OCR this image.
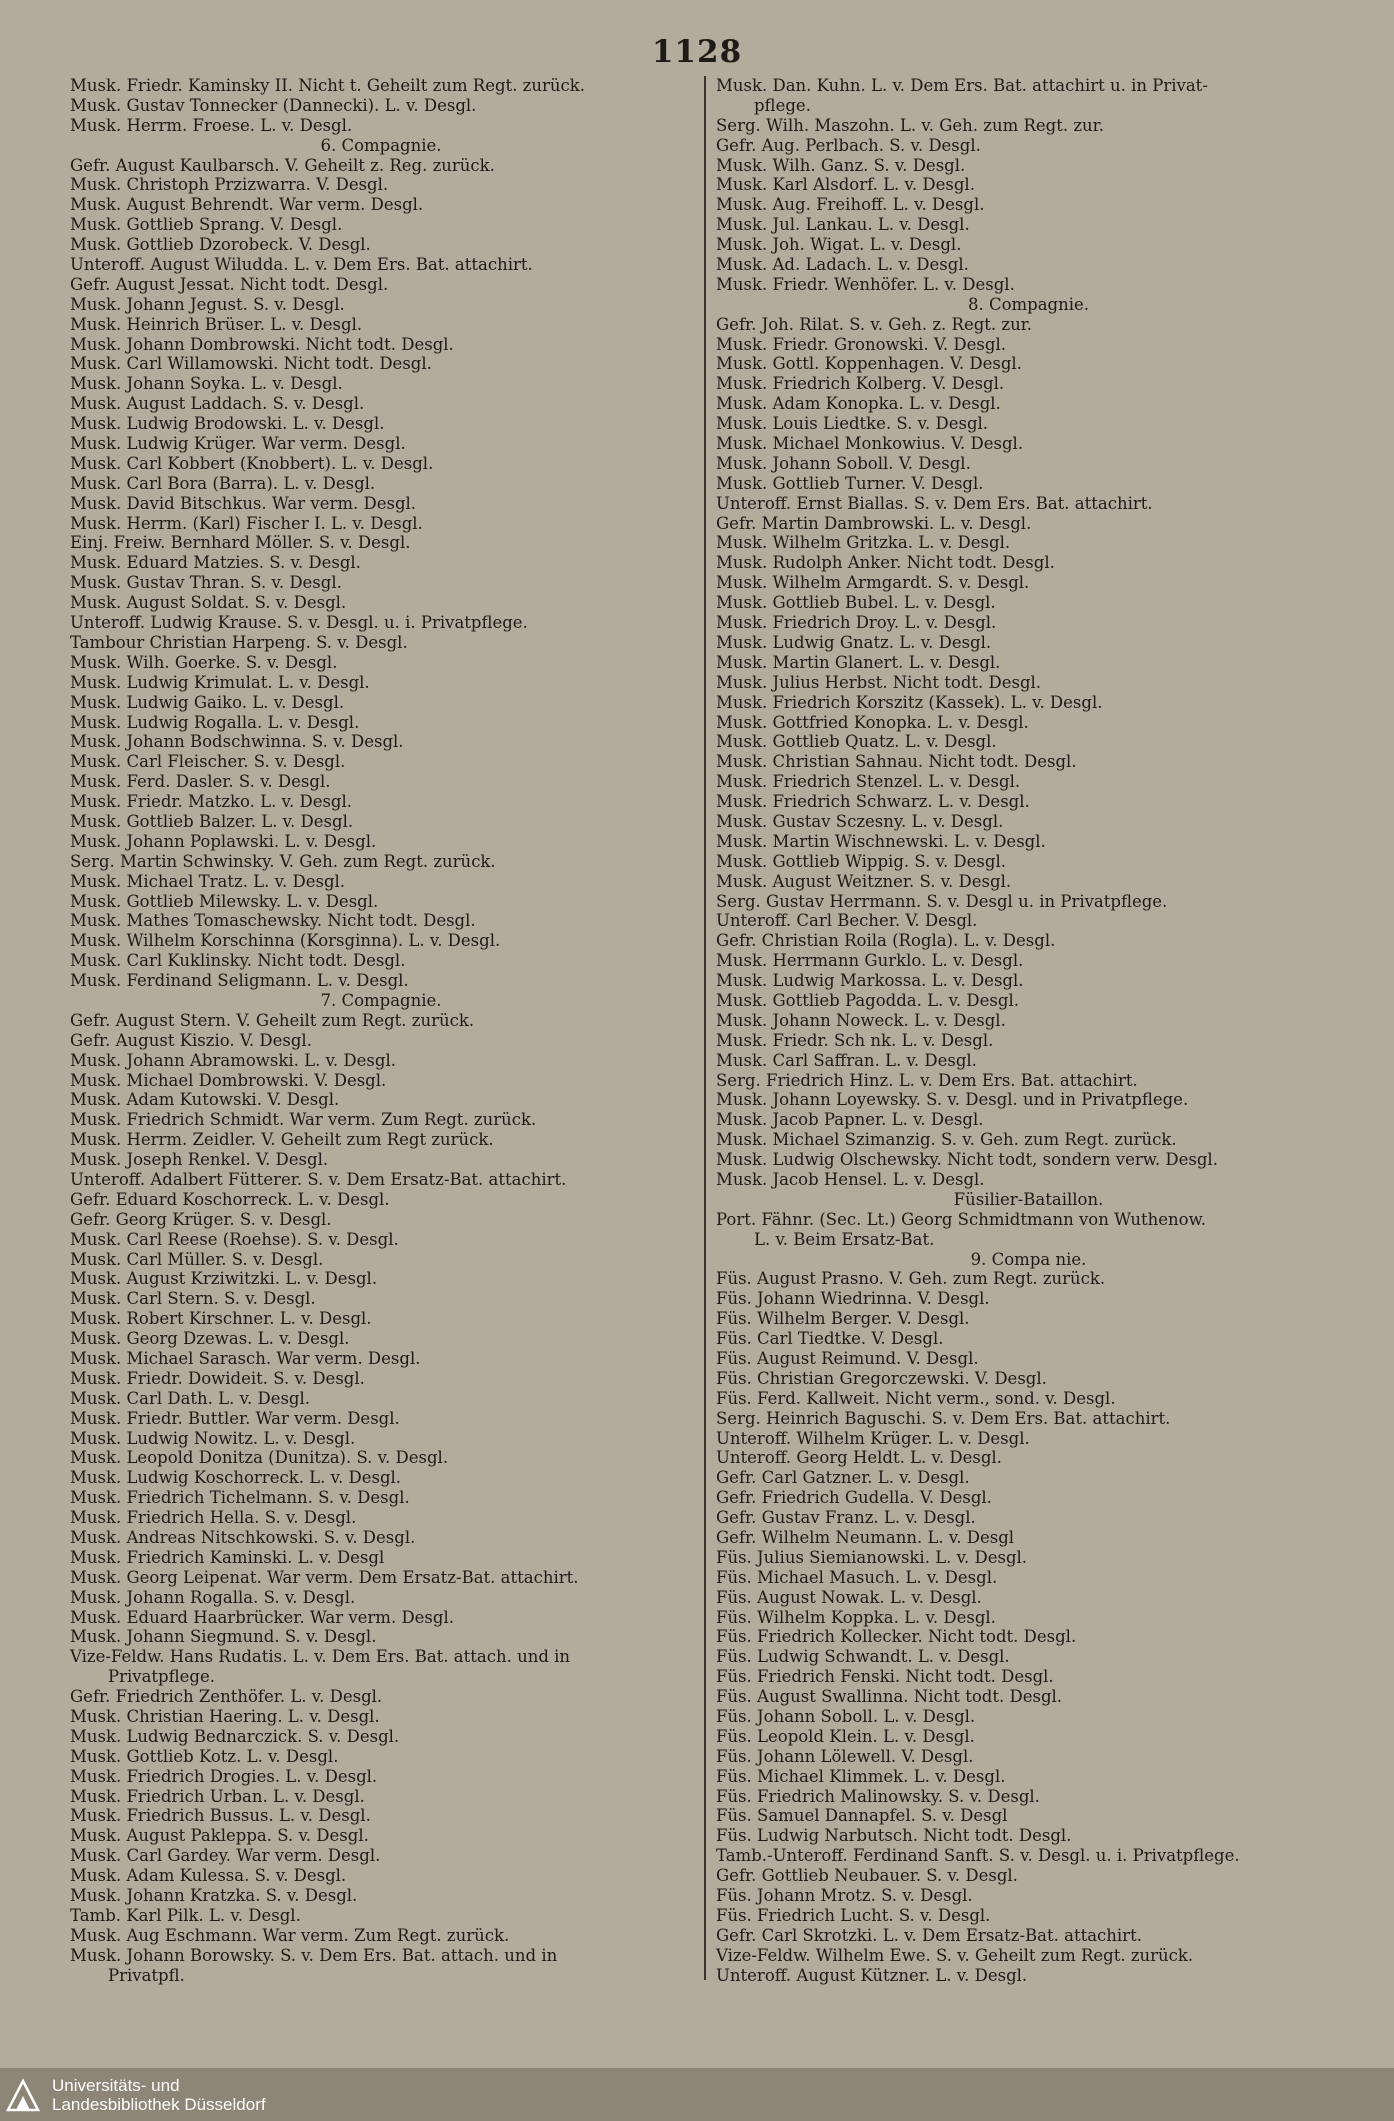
1128
Musk. Friedr. Kaminsky II. Nicht t. Geheilt zum Regt. zurück.
Musk. Gustav Tonnecker (Dannecki). L. v. Desgl.
Musk. Herrm. Froese. L. v. Desgl.
6. Compagnie.
Gefr. August Kaulbarsch. V. Geheilt z. Reg. zurück.
Musk. Christoph Przizwarra. V. Desgl.
Musk. August Behrendt. War verm. Desgl.
Musk. Gottlieb Sprang. V. Desgl.
Musk. Gottlieb Dzorobeck. V. Desgl.
Unteroff. August Wiludda. L. v. Dem Ers. Bat. attachirt.
Gefr. August Jessat. Nicht todt. Desgl.
Musk. Johann Jegust. S. v. Desgl.
Musk. Heinrich Brüser. L. v. Desgl.
Musk. Johann Dombrowski. Nicht todt. Desgl.
Musk. Carl Willamowski. Nicht todt. Desgl.
Musk. Johann Soyka. L. v. Desgl.
Musk. August Laddach. S. v. Desgl.
Musk. Ludwig Brodowski. L. v. Desgl.
Musk. Ludwig Krüger. War verm. Desgl.
Musk. Carl Kobbert (Knobbert). L. v. Desgl.
Musk. Carl Bora (Barra). L. v. Desgl.
Musk. David Bitschkus. War verm. Desgl.
Musk. Herrm. (Karl) Fischer I. L. v. Desgl.
Einj. Freiw. Bernhard Möller. S. v. Desgl.
Musk. Eduard Matzies. S. v. Desgl.
Musk. Gustav Thran. S. v. Desgl.
Musk. August Soldat. S. v. Desgl.
Unteroff. Ludwig Krause. S. v. Desgl. u. i. Privatpflege.
Tambour Christian Harpeng. S. v. Desgl.
Musk. Wilh. Goerke. S. v. Desgl.
Musk. Ludwig Krimulat. L. v. Desgl.
Musk. Ludwig Gaiko. L. v. Desgl.
Musk. Ludwig Rogalla. L. v. Desgl.
Musk. Johann Bodschwinna. S. v. Desgl.
Musk. Carl Fleischer. S. v. Desgl.
Musk. Ferd. Dasler. S. v. Desgl.
Musk. Friedr. Matzko. L. v. Desgl.
Musk. Gottlieb Balzer. L. v. Desgl.
Musk. Johann Poplawski. L. v. Desgl.
Serg. Martin Schwinsky. V. Geh. zum Regt. zurück.
Musk. Michael Tratz. L. v. Desgl.
Musk. Gottlieb Milewsky. L. v. Desgl.
Musk. Mathes Tomaschewsky. Nicht todt. Desgl.
Musk. Wilhelm Korschinna (Korsginna). L. v. Desgl.
Musk. Carl Kuklinsky. Nicht todt. Desgl.
Musk. Ferdinand Seligmann. L. v. Desgl.
7. Compagnie.
Gefr. August Stern. V. Geheilt zum Regt. zurück.
Gefr. August Kiszio. V. Desgl.
Musk. Johann Abramowski. L. v. Desgl.
Musk. Michael Dombrowski. V. Desgl.
Musk. Adam Kutowski. V. Desgl.
Musk. Friedrich Schmidt. War verm. Zum Regt. zurück.
Musk. Herrm. Zeidler. V. Geheilt zum Regt zurück.
Musk. Joseph Renkel. V. Desgl.
Unteroff. Adalbert Fütterer. S. v. Dem Ersatz-Bat. attachirt.
Gefr. Eduard Koschorreck. L. v. Desgl.
Gefr. Georg Krüger. S. v. Desgl.
Musk. Carl Reese (Roehse). S. v. Desgl.
Musk. Carl Müller. S. v. Desgl.
Musk. August Krziwitzki. L. v. Desgl.
Musk. Carl Stern. S. v. Desgl.
Musk. Robert Kirschner. L. v. Desgl.
Musk. Georg Dzewas. L. v. Desgl.
Musk. Michael Sarasch. War verm. Desgl.
Musk. Friedr. Dowideit. S. v. Desgl.
Musk. Carl Dath. L. v. Desgl.
Musk. Friedr. Buttler. War verm. Desgl.
Musk. Ludwig Nowitz. L. v. Desgl.
Musk. Leopold Donitza (Dunitza). S. v. Desgl.
Musk. Ludwig Koschorreck. L. v. Desgl.
Musk. Friedrich Tichelmann. S. v. Desgl.
Musk. Friedrich Hella. S. v. Desgl.
Musk. Andreas Nitschkowski. S. v. Desgl.
Musk. Friedrich Kaminski. L. v. Desgl
Musk. Georg Leipenat. War verm. Dem Ersatz-Bat. attachirt.
Musk. Johann Rogalla. S. v. Desgl.
Musk. Eduard Haarbrücker. War verm. Desgl.
Musk. Johann Siegmund. S. v. Desgl.
Vize-Feldw. Hans Rudatis. L. v. Dem Ers. Bat. attach. und in
Privatpflege.
Gefr. Friedrich Zenthöfer. L. v. Desgl.
Musk. Christian Haering. L. v. Desgl.
Musk. Ludwig Bednarczick. S. v. Desgl.
Musk. Gottlieb Kotz. L. v. Desgl.
Musk. Friedrich Drogies. L. v. Desgl.
Musk. Friedrich Urban. L. v. Desgl.
Musk. Friedrich Bussus. L. v. Desgl.
Musk. August Pakleppa. S. v. Desgl.
Musk. Carl Gardey. War verm. Desgl.
Musk. Adam Kulessa. S. v. Desgl.
Musk. Johann Kratzka. S. v. Desgl.
Tamb. Karl Pilk. L. v. Desgl.
Musk. Aug Eschmann. War verm. Zum Regt. zurück.
Musk. Johann Borowsky. S. v. Dem Ers. Bat. attach. und in
Privatpfl.
Musk. Dan. Kuhn. L. v. Dem Ers. Bat. attachirt u. in Privat-
pflege.
Serg. Wilh. Maszohn. L. v. Geh. zum Regt. zur.
Gefr. Aug. Perlbach. S. v. Desgl.
Musk. Wilh. Ganz. S. v. Desgl.
Musk. Karl Alsdorf. L. v. Desgl.
Musk. Aug. Freihoff. L. v. Desgl.
Musk. Jul. Lankau. L. v. Desgl.
Musk. Joh. Wigat. L. v. Desgl.
Musk. Ad. Ladach. L. v. Desgl.
Musk. Friedr. Wenhöfer. L. v. Desgl.
8. Compagnie.
Gefr. Joh. Rilat. S. v. Geh. z. Regt. zur.
Musk. Friedr. Gronowski. V. Desgl.
Musk. Gottl. Koppenhagen. V. Desgl.
Musk. Friedrich Kolberg. V. Desgl.
Musk. Adam Konopka. L. v. Desgl.
Musk. Louis Liedtke. S. v. Desgl.
Musk. Michael Monkowius. V. Desgl.
Musk. Johann Soboll. V. Desgl.
Musk. Gottlieb Turner. V. Desgl.
Unteroff. Ernst Biallas. S. v. Dem Ers. Bat. attachirt.
Gefr. Martin Dambrowski. L. v. Desgl.
Musk. Wilhelm Gritzka. L. v. Desgl.
Musk. Rudolph Anker. Nicht todt. Desgl.
Musk. Wilhelm Armgardt. S. v. Desgl.
Musk. Gottlieb Bubel. L. v. Desgl.
Musk. Friedrich Droy. L. v. Desgl.
Musk. Ludwig Gnatz. L. v. Desgl.
Musk. Martin Glanert. L. v. Desgl.
Musk. Julius Herbst. Nicht todt. Desgl.
Musk. Friedrich Korszitz (Kassek). L. v. Desgl.
Musk. Gottfried Konopka. L. v. Desgl.
Musk. Gottlieb Quatz. L. v. Desgl.
Musk. Christian Sahnau. Nicht todt. Desgl.
Musk. Friedrich Stenzel. L. v. Desgl.
Musk. Friedrich Schwarz. L. v. Desgl.
Musk. Gustav Sczesny. L. v. Desgl.
Musk. Martin Wischnewski. L. v. Desgl.
Musk. Gottlieb Wippig. S. v. Desgl.
Musk. August Weitzner. S. v. Desgl.
Serg. Gustav Herrmann. S. v. Desgl u. in Privatpflege.
Unteroff. Carl Becher. V. Desgl.
Gefr. Christian Roila (Rogla). L. v. Desgl.
Musk. Herrmann Gurklo. L. v. Desgl.
Musk. Ludwig Markossa. L. v. Desgl.
Musk. Gottlieb Pagodda. L. v. Desgl.
Musk. Johann Noweck. L. v. Desgl.
Musk. Friedr. Sch nk. L. v. Desgl.
Musk. Carl Saffran. L. v. Desgl.
Serg. Friedrich Hinz. L. v. Dem Ers. Bat. attachirt.
Musk. Johann Loyewsky. S. v. Desgl. und in Privatpflege.
Musk. Jacob Papner. L. v. Desgl.
Musk. Michael Szimanzig. S. v. Geh. zum Regt. zurück.
Musk. Ludwig Olschewsky. Nicht todt, sondern verw. Desgl.
Musk. Jacob Hensel. L. v. Desgl.
Füsilier-Bataillon.
Port. Fähnr. (Sec. Lt.) Georg Schmidtmann von Wuthenow.
L. v. Beim Ersatz-Bat.
9. Compa nie.
Füs. August Prasno. V. Geh. zum Regt. zurück.
Füs. Johann Wiedrinna. V. Desgl.
Füs. Wilhelm Berger. V. Desgl.
Füs. Carl Tiedtke. V. Desgl.
Füs. August Reimund. V. Desgl.
Füs. Christian Gregorczewski. V. Desgl.
Füs. Ferd. Kallweit. Nicht verm., sond. v. Desgl.
Serg. Heinrich Baguschi. S. v. Dem Ers. Bat. attachirt.
Unteroff. Wilhelm Krüger. L. v. Desgl.
Unteroff. Georg Heldt. L. v. Desgl.
Gefr. Carl Gatzner. L. v. Desgl.
Gefr. Friedrich Gudella. V. Desgl.
Gefr. Gustav Franz. L. v. Desgl.
Gefr. Wilhelm Neumann. L. v. Desgl
Füs. Julius Siemianowski. L. v. Desgl.
Füs. Michael Masuch. L. v. Desgl.
Füs. August Nowak. L. v. Desgl.
Füs. Wilhelm Koppka. L. v. Desgl.
Füs. Friedrich Kollecker. Nicht todt. Desgl.
Füs. Ludwig Schwandt. L. v. Desgl.
Füs. Friedrich Fenski. Nicht todt. Desgl.
Füs. August Swallinna. Nicht todt. Desgl.
Füs. Johann Soboll. L. v. Desgl.
Füs. Leopold Klein. L. v. Desgl.
Füs. Johann Lölewell. V. Desgl.
Füs. Michael Klimmek. L. v. Desgl.
Füs. Friedrich Malinowsky. S. v. Desgl.
Füs. Samuel Dannapfel. S. v. Desgl
Füs. Ludwig Narbutsch. Nicht todt. Desgl.
Tamb.-Unteroff. Ferdinand Sanft. S. v. Desgl. u. i. Privatpflege.
Gefr. Gottlieb Neubauer. S. v. Desgl.
Füs. Johann Mrotz. S. v. Desgl.
Füs. Friedrich Lucht. S. v. Desgl.
Gefr. Carl Skrotzki. L. v. Dem Ersatz-Bat. attachirt.
Vize-Feldw. Wilhelm Ewe. S. v. Geheilt zum Regt. zurück.
Unteroff. August Kützner. L. v. Desgl.
Universitäts- und
Landesbibliothek Düsseldorf
